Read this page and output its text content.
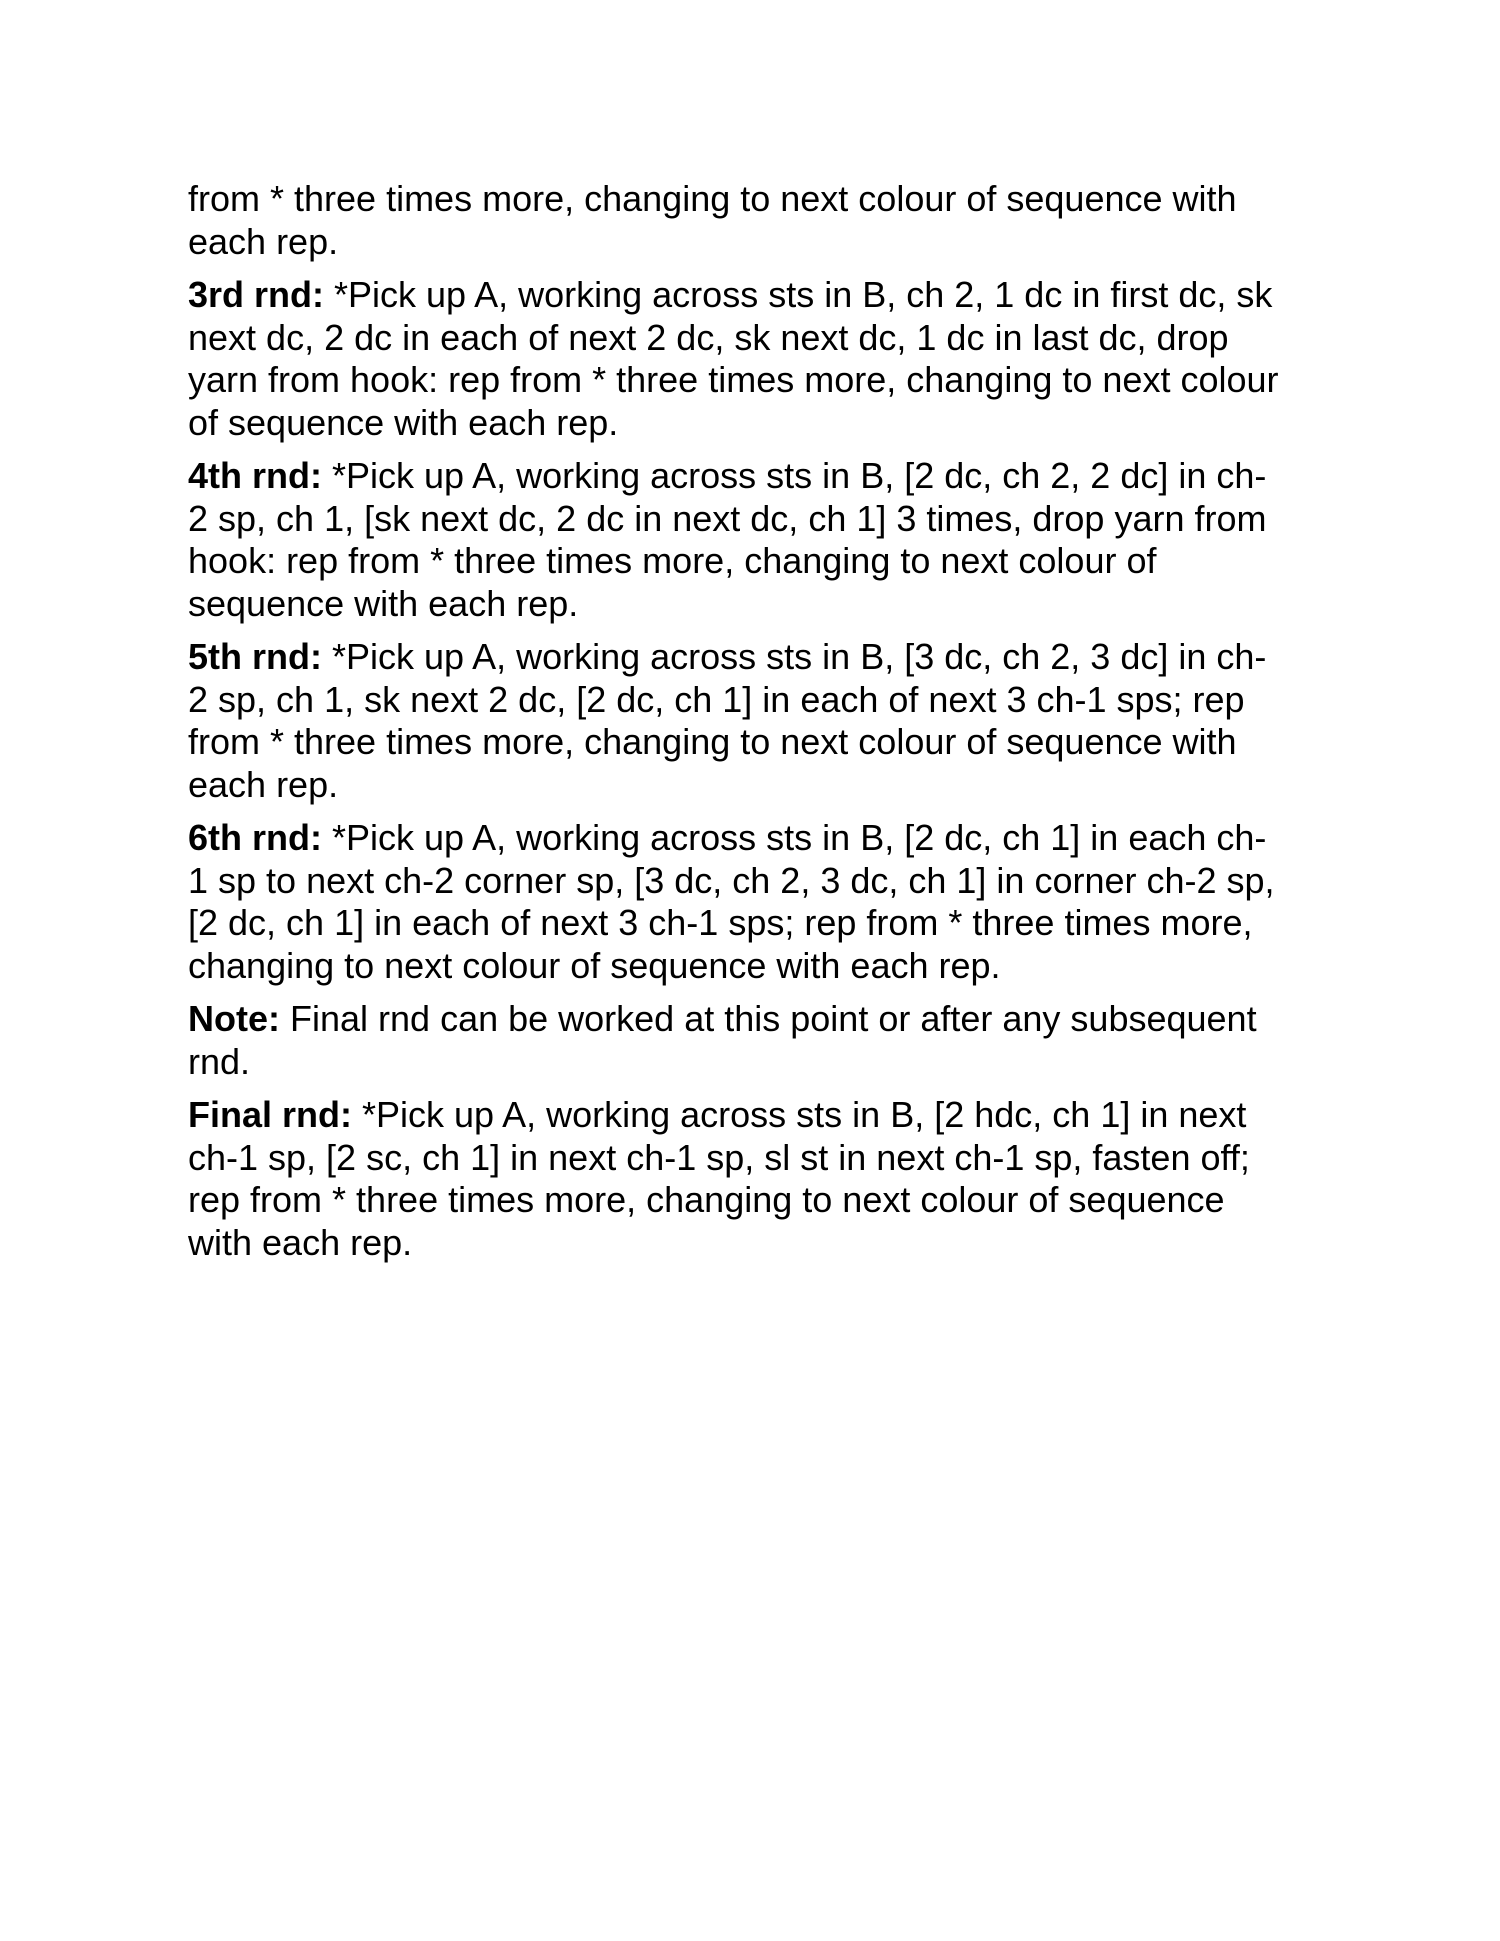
from * three times more, changing to next colour of sequence with
each rep.

3rd rnd: *Pick up A, working across sts in B, ch 2, 1 dc in first dc, sk
next dc, 2 dc in each of next 2 dc, sk next dc, 1 dc in last dc, drop
yarn from hook: rep from * three times more, changing to next colour
of sequence with each rep.

4th rnd: *Pick up A, working across sts in B, [2 dc, ch 2, 2 dc] in ch-
2 sp, ch 1, [sk next dc, 2 dc in next dc, ch 1] 3 times, drop yarn from
hook: rep from * three times more, changing to next colour of
sequence with each rep.

5th rnd: *Pick up A, working across sts in B, [3 dc, ch 2, 3 dc] in ch-
2 sp, ch 1, sk next 2 dc, [2 dc, ch 1] in each of next 3 ch-1 sps; rep
from * three times more, changing to next colour of sequence with
each rep.

6th rnd: *Pick up A, working across sts in B, [2 dc, ch 1] in each ch-
1 sp to next ch-2 corner sp, [3 dc, ch 2, 3 dc, ch 1] in corner ch-2 sp,
[2 dc, ch 1] in each of next 3 ch-1 sps; rep from * three times more,
changing to next colour of sequence with each rep.

Note: Final rnd can be worked at this point or after any subsequent
rnd.

Final rnd: *Pick up A, working across sts in B, [2 hdc, ch 1] in next
ch-1 sp, [2 sc, ch 1] in next ch-1 sp, sl st in next ch-1 sp, fasten off;
rep from * three times more, changing to next colour of sequence
with each rep.
